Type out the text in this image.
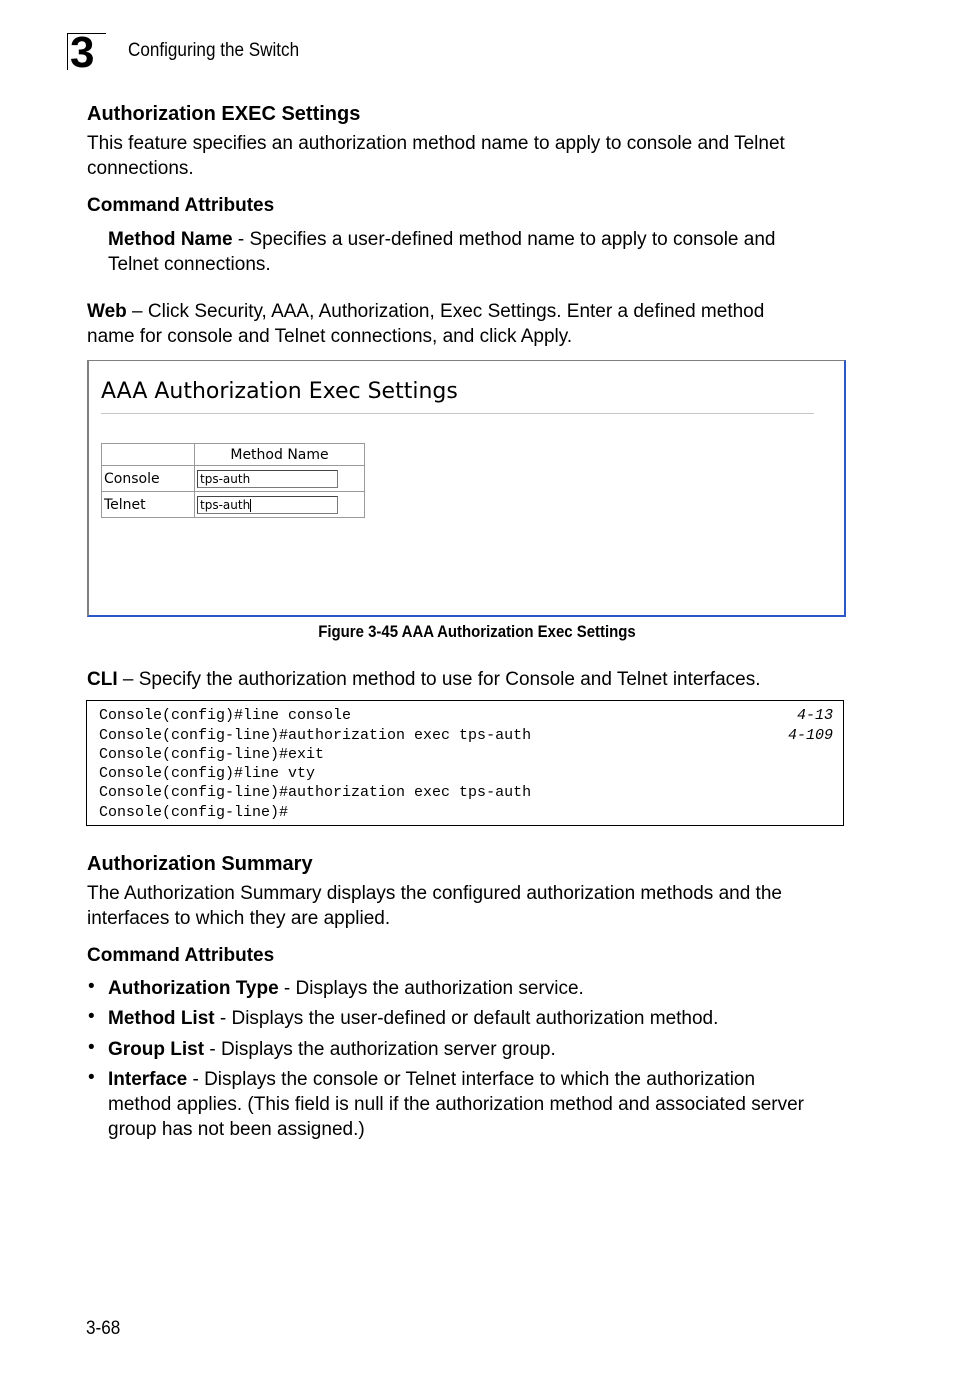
3 Configuring the Switch
Authorization EXEC Settings
This feature specifies an authorization method name to apply to console and Telnet
connections.
Command Attributes
Method Name - Specifies a user-defined method name to apply to console and
Telnet connections.
Web – Click Security, AAA, Authorization, Exec Settings. Enter a defined method
name for console and Telnet connections, and click Apply.
AAA Authorization Exec Settings
	Method Name
Console	tps-auth

Telnet	tps-auth
Figure 3-45 AAA Authorization Exec Settings
CLI – Specify the authorization method to use for Console and Telnet interfaces.
Console(config)#line console	4-13
Console(config-line)#authorization exec tps-auth	4-109
Console(config-line)#exit
Console(config)#line vty
Console(config-line)#authorization exec tps-auth
Console(config-line)#
Authorization Summary
The Authorization Summary displays the configured authorization methods and the
interfaces to which they are applied.
Command Attributes
• Authorization Type - Displays the authorization service.
• Method List - Displays the user-defined or default authorization method.
• Group List - Displays the authorization server group.
• Interface - Displays the console or Telnet interface to which the authorization
method applies. (This field is null if the authorization method and associated server
group has not been assigned.)
3-68
